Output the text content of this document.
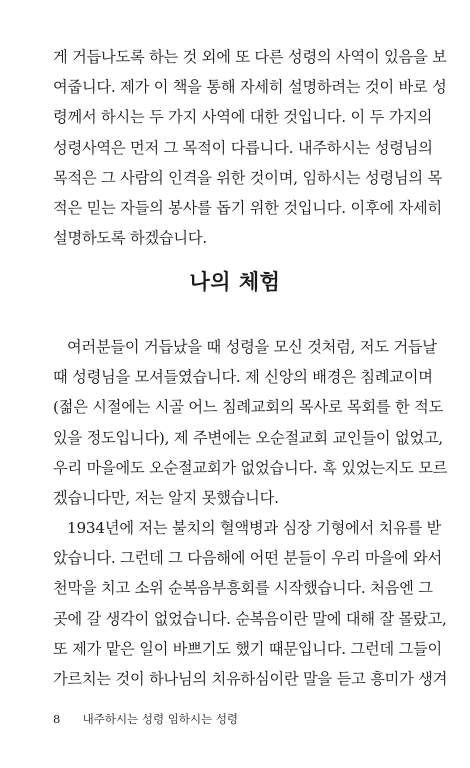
게 거듭나도록 하는 것 외에 또 다른 성령의 사역이 있음을 보
여줍니다. 제가 이 책을 통해 자세히 설명하려는 것이 바로 성
령께서 하시는 두 가지 사역에 대한 것입니다. 이 두 가지의
성령사역은 먼저 그 목적이 다릅니다. 내주하시는 성령님의
목적은 그 사람의 인격을 위한 것이며, 임하시는 성령님의 목
적은 믿는 자들의 봉사를 돕기 위한 것입니다. 이후에 자세히
설명하도록 하겠습니다.
나의 체험
여러분들이 거듭났을 때 성령을 모신 것처럼, 저도 거듭날
때 성령님을 모셔들였습니다. 제 신앙의 배경은 침례교이며
(젊은 시절에는 시골 어느 침례교회의 목사로 목회를 한 적도
있을 정도입니다), 제 주변에는 오순절교회 교인들이 없었고,
우리 마을에도 오순절교회가 없었습니다. 혹 있었는지도 모르
겠습니다만, 저는 알지 못했습니다.
1934년에 저는 불치의 혈액병과 심장 기형에서 치유를 받
았습니다. 그런데 그 다음해에 어떤 분들이 우리 마을에 와서
천막을 치고 소위 순복음부흥회를 시작했습니다. 처음엔 그
곳에 갈 생각이 없었습니다. 순복음이란 말에 대해 잘 몰랐고,
또 제가 맡은 일이 바쁘기도 했기 때문입니다. 그런데 그들이
가르치는 것이 하나님의 치유하심이란 말을 듣고 흥미가 생겨
8 내주하시는 성령 임하시는 성령
